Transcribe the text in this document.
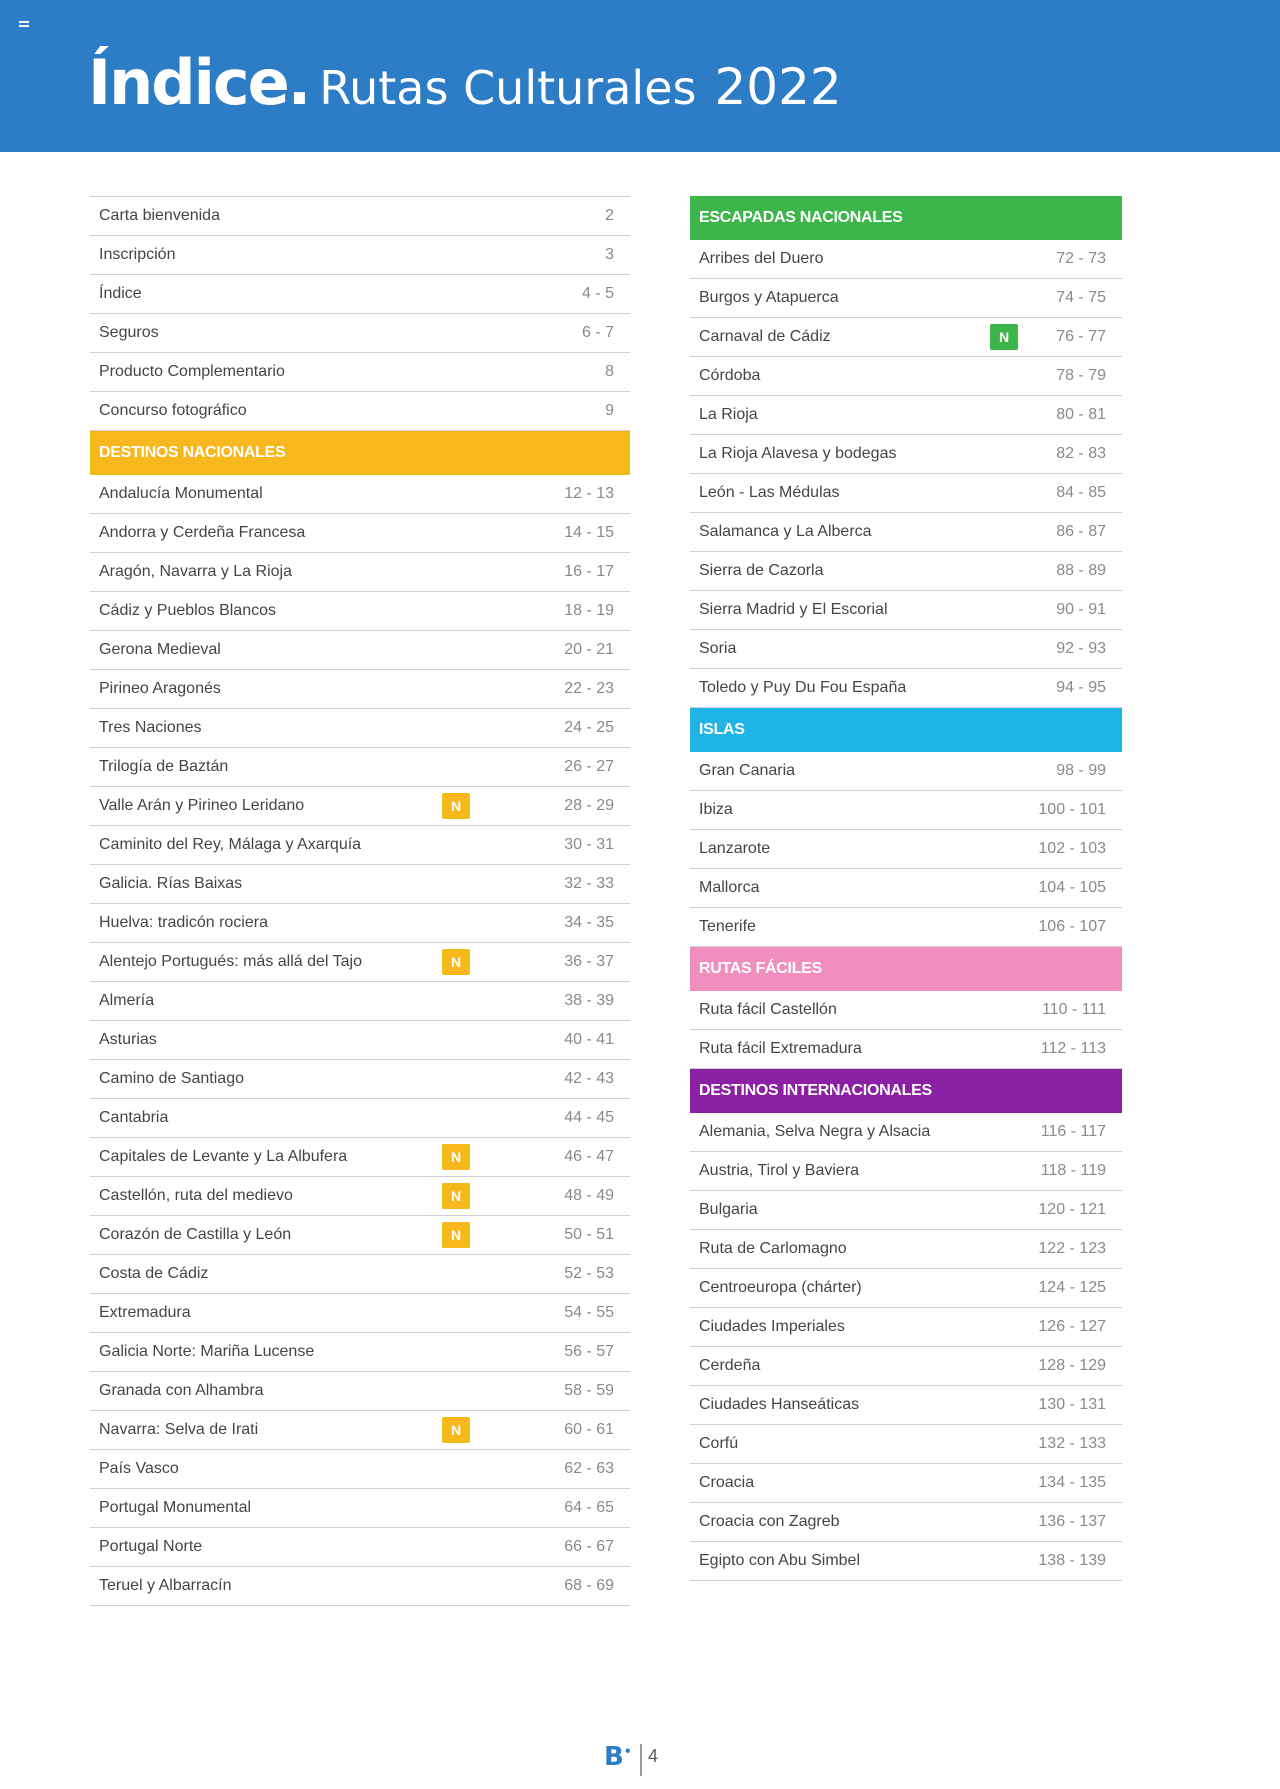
Índice. Rutas Culturales 2022
Carta bienvenida	2
Inscripción	3
Índice	4 - 5
Seguros	6 - 7
Producto Complementario	8
Concurso fotográfico	9
DESTINOS NACIONALES
Andalucía Monumental	12 - 13
Andorra y Cerdeña Francesa	14 - 15
Aragón, Navarra y La Rioja	16 - 17
Cádiz y Pueblos Blancos	18 - 19
Gerona Medieval	20 - 21
Pirineo Aragonés	22 - 23
Tres Naciones	24 - 25
Trilogía de Baztán	26 - 27
Valle Arán y Pirineo Leridano	N	28 - 29
Caminito del Rey, Málaga y Axarquía	30 - 31
Galicia. Rías Baixas	32 - 33
Huelva: tradicón rociera	34 - 35
Alentejo Portugués: más allá del Tajo	N	36 - 37
Almería	38 - 39
Asturias	40 - 41
Camino de Santiago	42 - 43
Cantabria	44 - 45
Capitales de Levante y La Albufera	N	46 - 47
Castellón, ruta del medievo	N	48 - 49
Corazón de Castilla y León	N	50 - 51
Costa de Cádiz	52 - 53
Extremadura	54 - 55
Galicia Norte: Mariña Lucense	56 - 57
Granada con Alhambra	58 - 59
Navarra: Selva de Irati	N	60 - 61
País Vasco	62 - 63
Portugal Monumental	64 - 65
Portugal Norte	66 - 67
Teruel y Albarracín	68 - 69
ESCAPADAS NACIONALES
Arribes del Duero	72 - 73
Burgos y Atapuerca	74 - 75
Carnaval de Cádiz	N	76 - 77
Córdoba	78 - 79
La Rioja	80 - 81
La Rioja Alavesa y bodegas	82 - 83
León - Las Médulas	84 - 85
Salamanca y La Alberca	86 - 87
Sierra de Cazorla	88 - 89
Sierra Madrid y El Escorial	90 - 91
Soria	92 - 93
Toledo y Puy Du Fou España	94 - 95
ISLAS
Gran Canaria	98 - 99
Ibiza	100 - 101
Lanzarote	102 - 103
Mallorca	104 - 105
Tenerife	106 - 107
RUTAS FÁCILES
Ruta fácil Castellón	110 - 111
Ruta fácil Extremadura	112 - 113
DESTINOS INTERNACIONALES
Alemania, Selva Negra y Alsacia	116 - 117
Austria, Tirol y Baviera	118 - 119
Bulgaria	120 - 121
Ruta de Carlomagno	122 - 123
Centroeuropa (chárter)	124 - 125
Ciudades Imperiales	126 - 127
Cerdeña	128 - 129
Ciudades Hanseáticas	130 - 131
Corfú	132 - 133
Croacia	134 - 135
Croacia con Zagreb	136 - 137
Egipto con Abu Simbel	138 - 139
B• 4
